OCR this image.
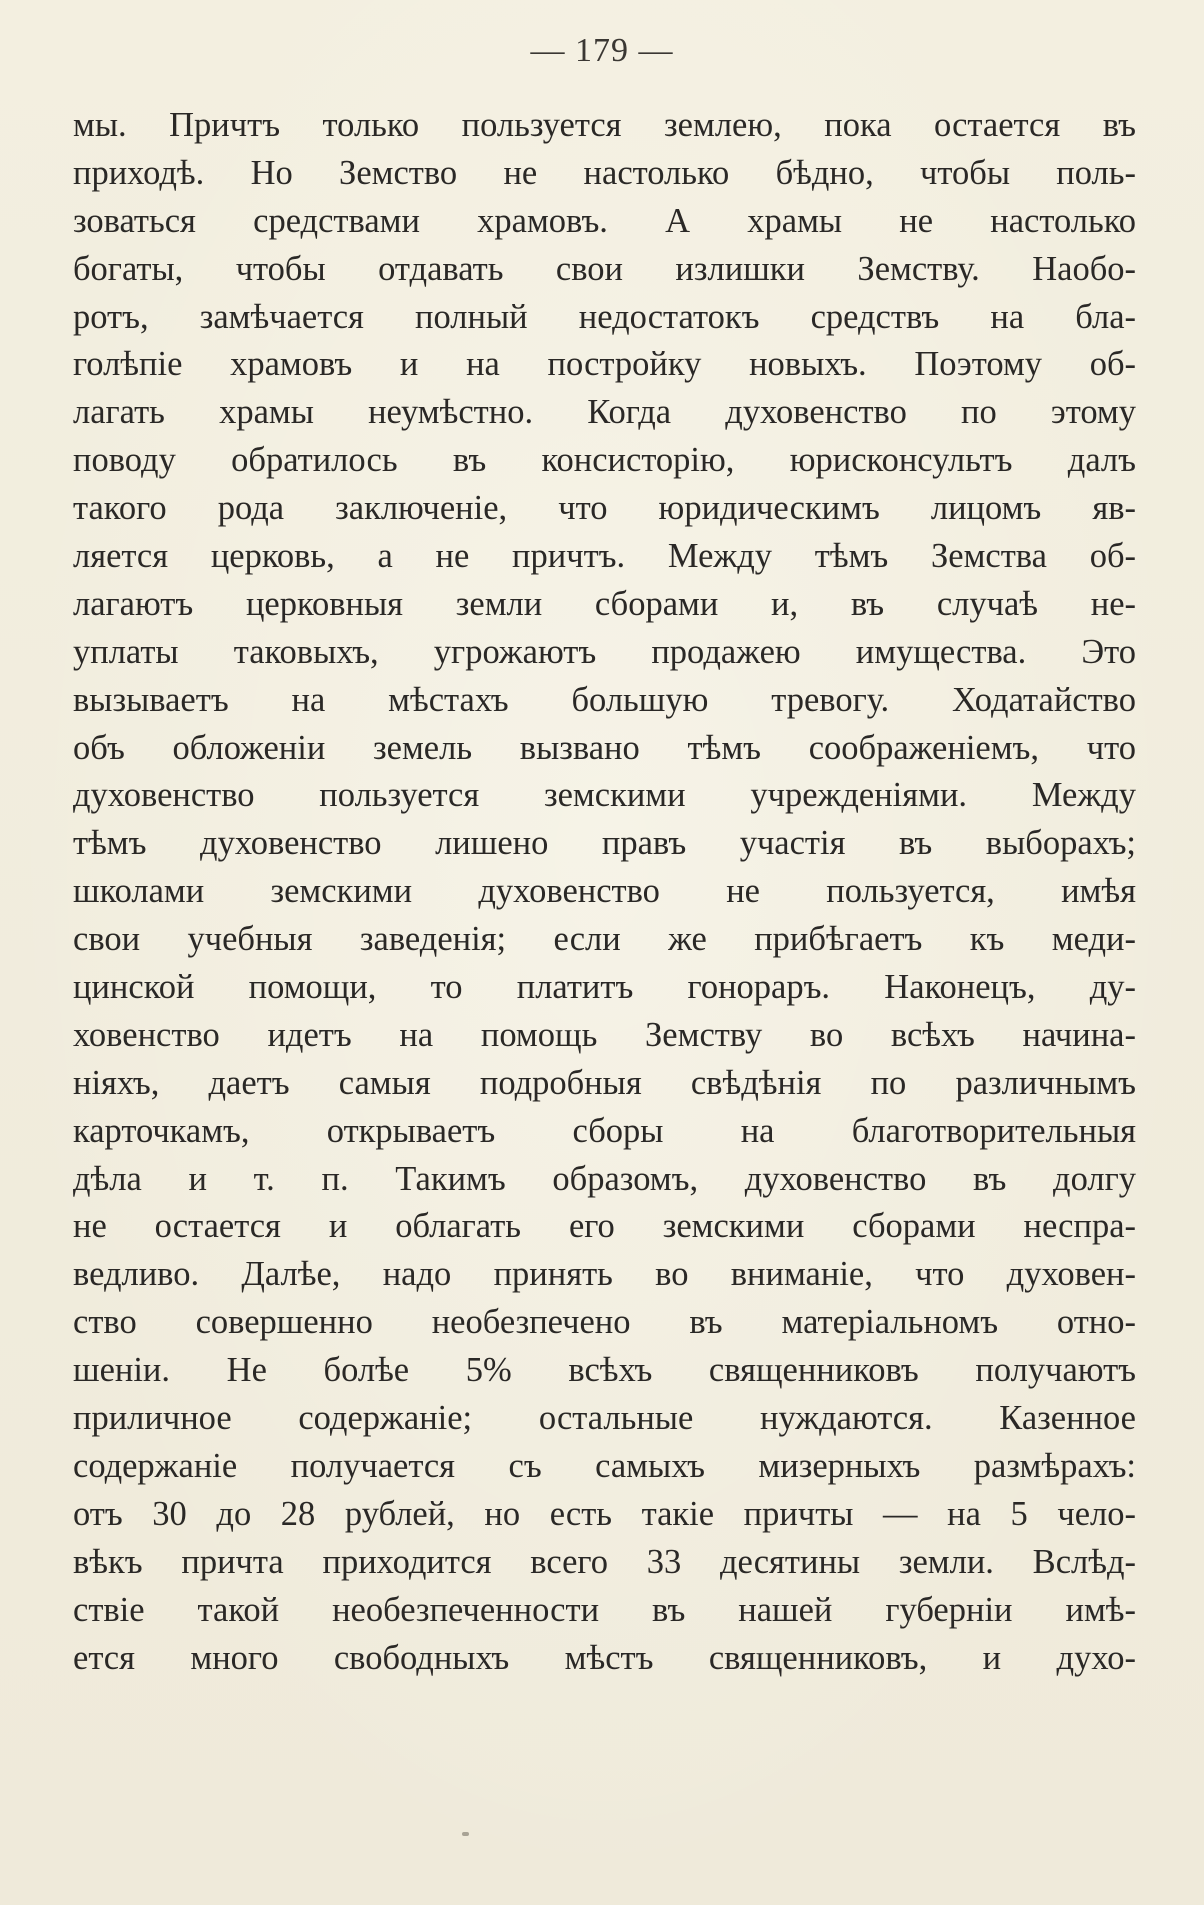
— 179 —
мы. Причтъ только пользуется землею, пока остается въ
приходѣ. Но Земство не настолько бѣдно, чтобы поль-
зоваться средствами храмовъ. А храмы не настолько
богаты, чтобы отдавать свои излишки Земству. Наобо-
ротъ, замѣчается полный недостатокъ средствъ на бла-
голѣпіе храмовъ и на постройку новыхъ. Поэтому об-
лагать храмы неумѣстно. Когда духовенство по этому
поводу обратилось въ консисторію, юрисконсультъ далъ
такого рода заключеніе, что юридическимъ лицомъ яв-
ляется церковь, а не причтъ. Между тѣмъ Земства об-
лагаютъ церковныя земли сборами и, въ случаѣ не-
уплаты таковыхъ, угрожаютъ продажею имущества. Это
вызываетъ на мѣстахъ большую тревогу. Ходатайство
объ обложеніи земель вызвано тѣмъ соображеніемъ, что
духовенство пользуется земскими учрежденіями. Между
тѣмъ духовенство лишено правъ участія въ выборахъ;
школами земскими духовенство не пользуется, имѣя
свои учебныя заведенія; если же прибѣгаетъ къ меди-
цинской помощи, то платитъ гонораръ. Наконецъ, ду-
ховенство идетъ на помощь Земству во всѣхъ начина-
ніяхъ, даетъ самыя подробныя свѣдѣнія по различнымъ
карточкамъ, открываетъ сборы на благотворительныя
дѣла и т. п. Такимъ образомъ, духовенство въ долгу
не остается и облагать его земскими сборами неспра-
ведливо. Далѣе, надо принять во вниманіе, что духовен-
ство совершенно необезпечено въ матеріальномъ отно-
шеніи. Не болѣе 5% всѣхъ священниковъ получаютъ
приличное содержаніе; остальные нуждаются. Казенное
содержаніе получается съ самыхъ мизерныхъ размѣрахъ:
отъ 30 до 28 рублей, но есть такіе причты — на 5 чело-
вѣкъ причта приходится всего 33 десятины земли. Вслѣд-
ствіе такой необезпеченности въ нашей губерніи имѣ-
ется много свободныхъ мѣстъ священниковъ, и духо-
